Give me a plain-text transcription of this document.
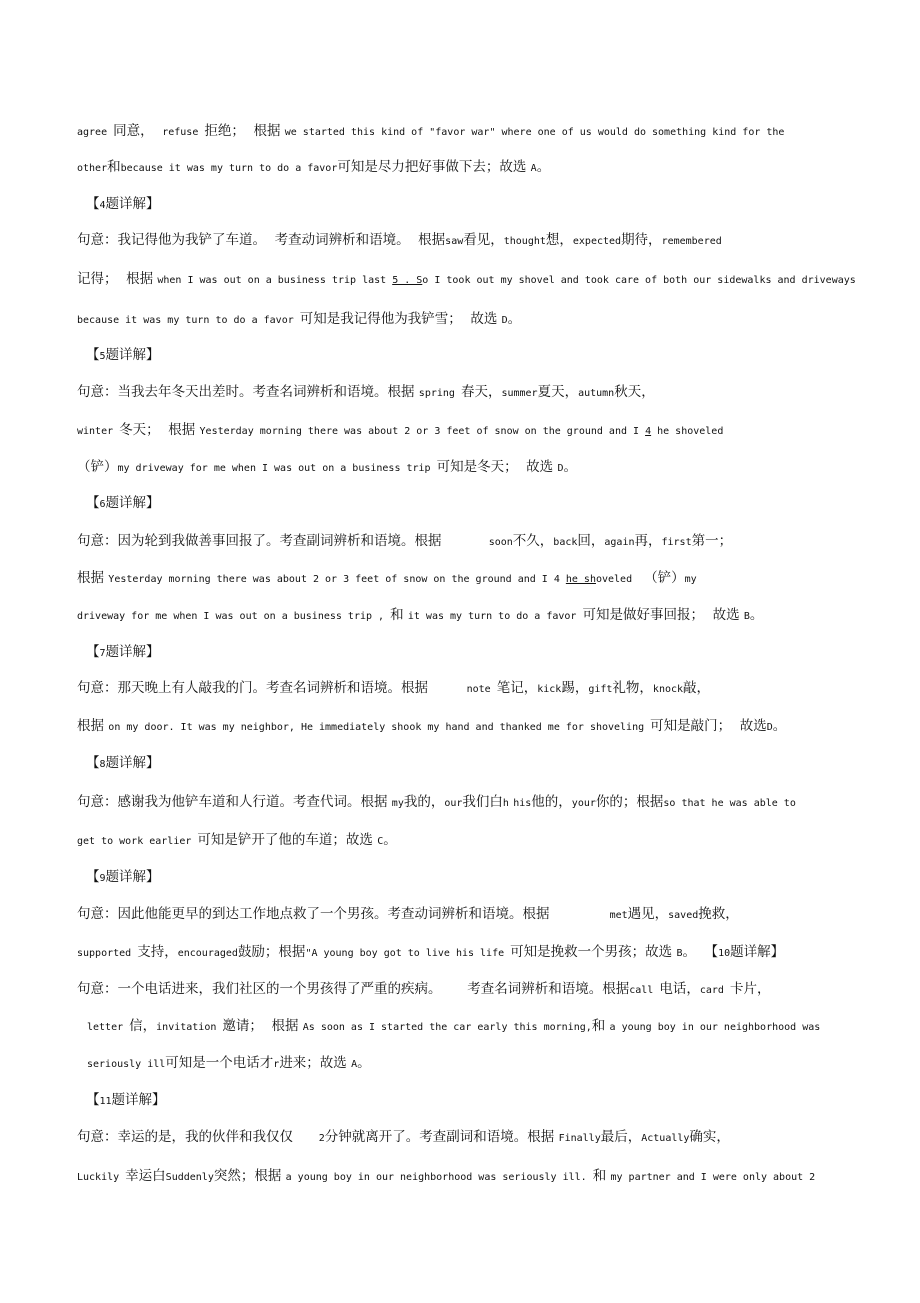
agree 同意，  refuse 拒绝；  根据 we started this kind of "favor war" where one of us would do something kind for the
other和because it was my turn to do a favor可知是尽力把好事做下去；故选 A。
【4题详解】
句意：我记得他为我铲了车道。  考查动词辨析和语境。  根据saw看见，thought想，expected期待，remembered
记得；  根据 when I was out on a business trip last 5 . So I took out my shovel and took care of both our sidewalks and driveways
because it was my turn to do a favor 可知是我记得他为我铲雪；  故选 D。
【5题详解】
句意：当我去年冬天出差时。考查名词辨析和语境。根据 spring 春天，summer夏天，autumn秋天，
winter 冬天；  根据 Yesterday morning there was about 2 or 3 feet of snow on the ground and I 4 he shoveled
（铲）my driveway for me when I was out on a business trip 可知是冬天；  故选 D。
【6题详解】
句意：因为轮到我做善事回报了。考查副词辨析和语境。根据           soon不久，back回，again再，first第一；
根据 Yesterday morning there was about 2 or 3 feet of snow on the ground and I 4 he shoveled  （铲）my
driveway for me when I was out on a business trip , 和 it was my turn to do a favor 可知是做好事回报；  故选 B。
【7题详解】
句意：那天晚上有人敲我的门。考查名词辨析和语境。根据         note 笔记，kick踢，gift礼物，knock敲，
根据 on my door. It was my neighbor, He immediately shook my hand and thanked me for shoveling 可知是敲门；  故选D。
【8题详解】
句意：感谢我为他铲车道和人行道。考查代词。根据 my我的，our我们白h his他的，your你的；根据so that he was able to
get to work earlier 可知是铲开了他的车道；故选 C。
【9题详解】
句意：因此他能更早的到达工作地点救了一个男孩。考查动词辨析和语境。根据              met遇见，saved挽救，
supported 支持，encouraged鼓励；根据"A young boy got to live his life 可知是挽救一个男孩；故选 B。  【10题详解】
句意：一个电话进来，我们社区的一个男孩得了严重的疾病。      考查名词辨析和语境。根据call 电话，card 卡片，
letter 信，invitation 邀请；  根据 As soon as I started the car early this morning,和 a young boy in our neighborhood was
seriously ill可知是一个电话才r进来；故选 A。
【11题详解】
句意：幸运的是，我的伙伴和我仅仅      2分钟就离开了。考查副词和语境。根据 Finally最后，Actually确实，
Luckily 幸运白Suddenly突然；根据 a young boy in our neighborhood was seriously ill. 和 my partner and I were only about 2
